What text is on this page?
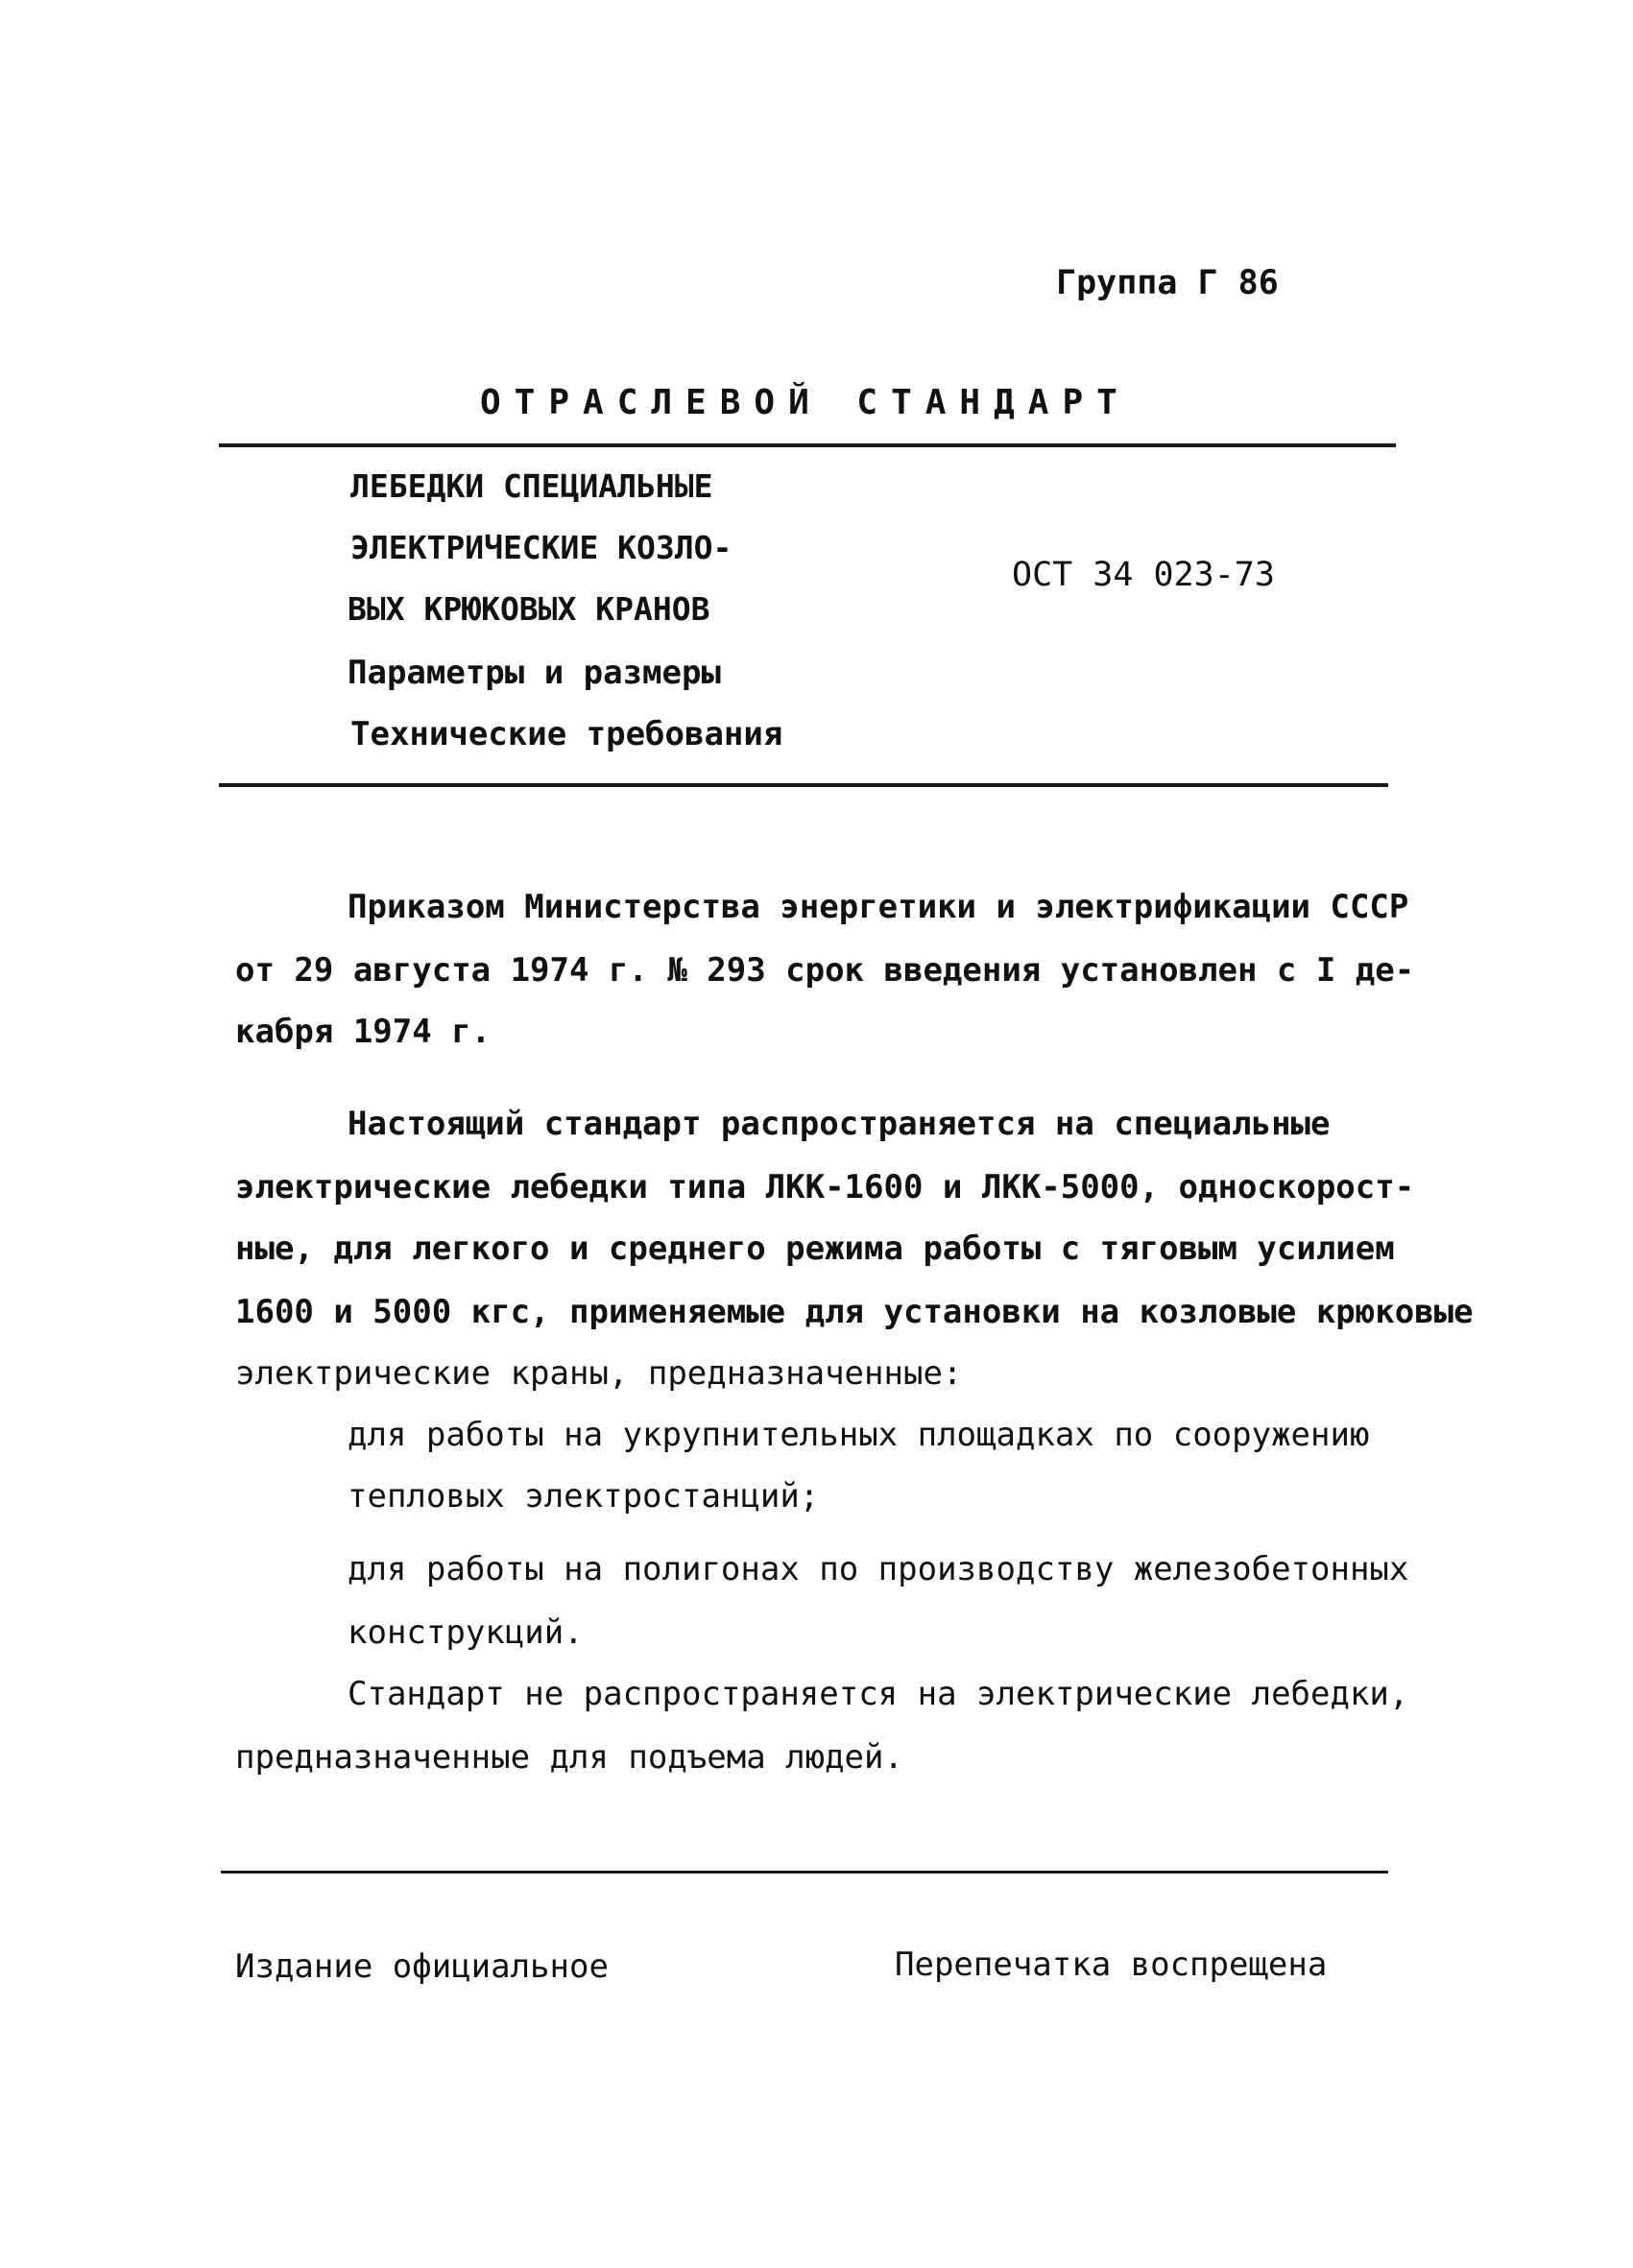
Группа Г 86
ОТРАСЛЕВОЙ СТАНДАРТ
ЛЕБЕДКИ СПЕЦИАЛЬНЫЕ
ЭЛЕКТРИЧЕСКИЕ КОЗЛО-
ВЫХ КРЮКОВЫХ КРАНОВ
Параметры и размеры
Технические требования
ОСТ 34 023-73
Приказом Министерства энергетики и электрификации СССР
от 29 августа 1974 г. № 293 срок введения установлен с I де-
кабря 1974 г.
Настоящий стандарт распространяется на специальные
электрические лебедки типа ЛКК-1600 и ЛКК-5000, односкорост-
ные, для легкого и среднего режима работы с тяговым усилием
1600 и 5000 кгс, применяемые для установки на козловые крюковые
электрические краны, предназначенные:
для работы на укрупнительных площадках по сооружению
тепловых электростанций;
для работы на полигонах по производству железобетонных
конструкций.
Стандарт не распространяется на электрические лебедки,
предназначенные для подъема людей.
Издание официальное	Перепечатка воспрещена
